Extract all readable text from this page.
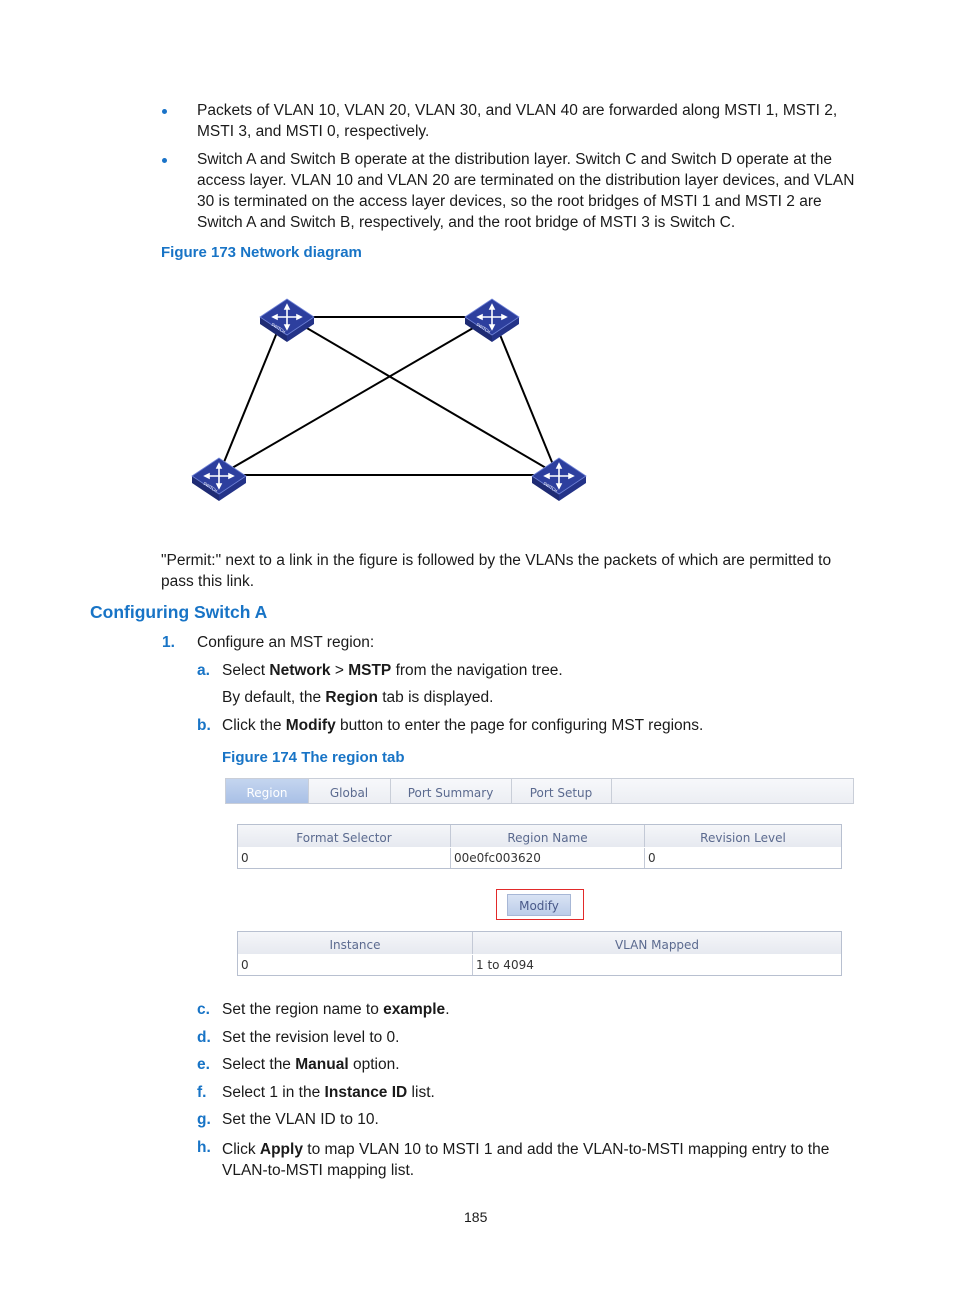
Packets of VLAN 10, VLAN 20, VLAN 30, and VLAN 40 are forwarded along MSTI 1, MSTI 2, MSTI 3, and MSTI 0, respectively.
Switch A and Switch B operate at the distribution layer. Switch C and Switch D operate at the access layer. VLAN 10 and VLAN 20 are terminated on the distribution layer devices, and VLAN 30 is terminated on the access layer devices, so the root bridges of MSTI 1 and MSTI 2 are Switch A and Switch B, respectively, and the root bridge of MSTI 3 is Switch C.
Figure 173 Network diagram
SWITCH
"Permit:" next to a link in the figure is followed by the VLANs the packets of which are permitted to pass this link.
Configuring Switch A
1. Configure an MST region:
a. Select Network > MSTP from the navigation tree.
By default, the Region tab is displayed.
b. Click the Modify button to enter the page for configuring MST regions.
Figure 174 The region tab
Region	Global	Port Summary	Port Setup
Format Selector	Region Name	Revision Level
0	00e0fc003620	0
Modify
Instance	VLAN Mapped
0	1 to 4094
c. Set the region name to example.
d. Set the revision level to 0.
e. Select the Manual option.
f. Select 1 in the Instance ID list.
g. Set the VLAN ID to 10.
h. Click Apply to map VLAN 10 to MSTI 1 and add the VLAN-to-MSTI mapping entry to the VLAN-to-MSTI mapping list.
185
